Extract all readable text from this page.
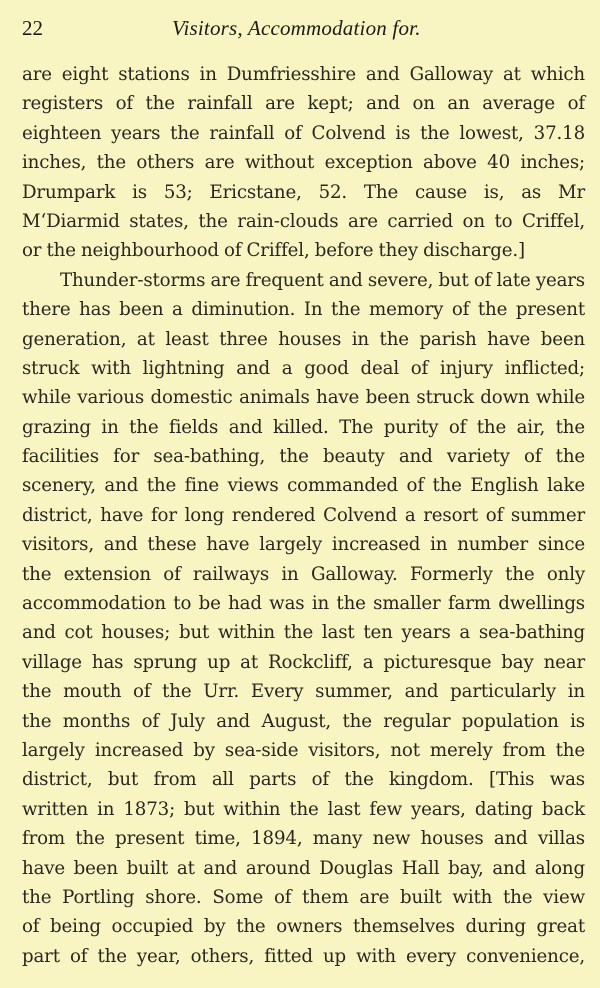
22	Visitors, Accommodation for.
are eight stations in Dumfriesshire and Galloway at which
registers of the rainfall are kept; and on an average of
eighteen years the rainfall of Colvend is the lowest, 37.18
inches, the others are without exception above 40 inches;
Drumpark is 53; Ericstane, 52. The cause is, as Mr
M‘Diarmid states, the rain-clouds are carried on to Criffel,
or the neighbourhood of Criffel, before they discharge.]
Thunder-storms are frequent and severe, but of late years
there has been a diminution. In the memory of the present
generation, at least three houses in the parish have been
struck with lightning and a good deal of injury inflicted;
while various domestic animals have been struck down while
grazing in the fields and killed. The purity of the air, the
facilities for sea-bathing, the beauty and variety of the
scenery, and the fine views commanded of the English lake
district, have for long rendered Colvend a resort of summer
visitors, and these have largely increased in number since
the extension of railways in Galloway. Formerly the only
accommodation to be had was in the smaller farm dwellings
and cot houses; but within the last ten years a sea-bathing
village has sprung up at Rockcliff, a picturesque bay near
the mouth of the Urr. Every summer, and particularly in
the months of July and August, the regular population is
largely increased by sea-side visitors, not merely from the
district, but from all parts of the kingdom. [This was
written in 1873; but within the last few years, dating back
from the present time, 1894, many new houses and villas
have been built at and around Douglas Hall bay, and along
the Portling shore. Some of them are built with the view
of being occupied by the owners themselves during great
part of the year, others, fitted up with every convenience,
